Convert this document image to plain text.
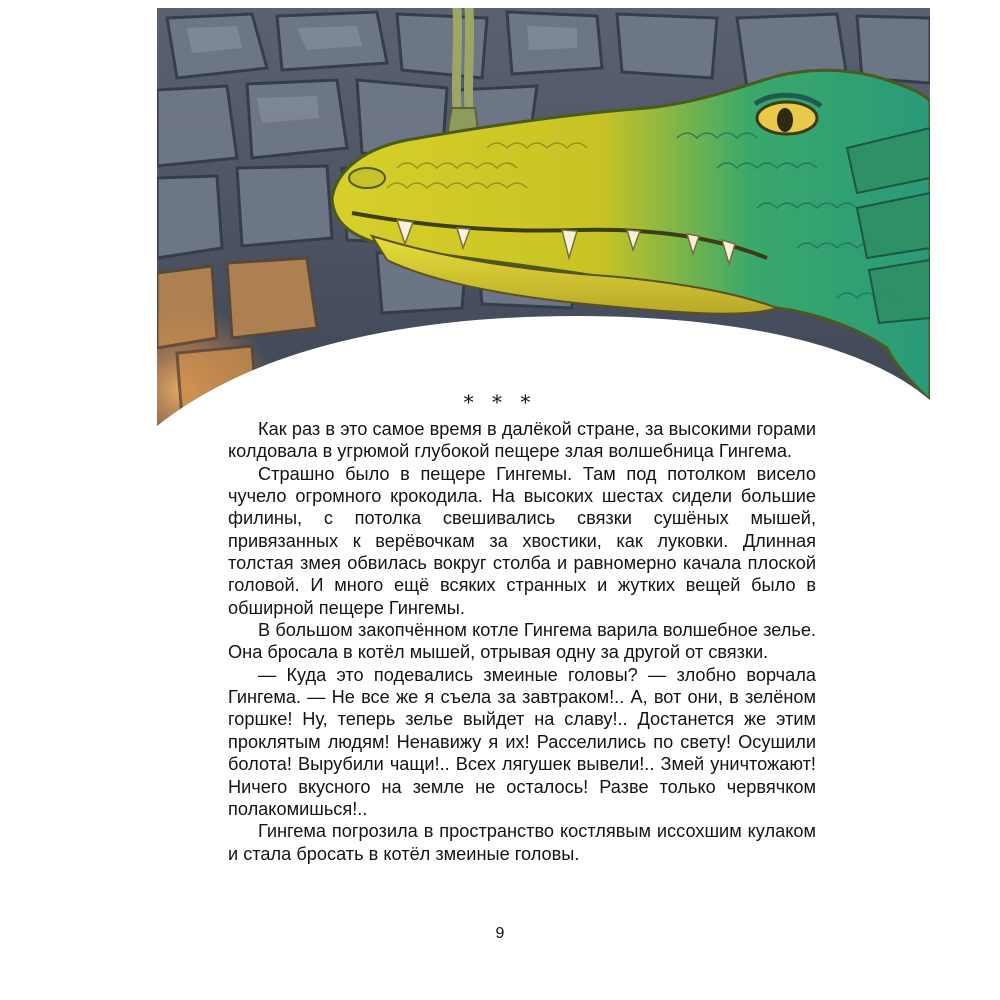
* * *

Как раз в это самое время в далёкой стране, за высокими горами колдовала в угрюмой глубокой пещере злая волшебница Гингема.

Страшно было в пещере Гингемы. Там под потолком висело чучело огромного крокодила. На высоких шестах сидели большие филины, с потолка свешивались связки сушёных мышей, привязанных к верёвочкам за хвостики, как луковки. Длинная толстая змея обвилась вокруг столба и равномерно качала плоской головой. И много ещё всяких странных и жутких вещей было в обширной пещере Гингемы.

В большом закопчённом котле Гингема варила волшебное зелье. Она бросала в котёл мышей, отрывая одну за другой от связки.

— Куда это подевались змеиные головы? — злобно ворчала Гингема. — Не все же я съела за завтраком!.. А, вот они, в зелёном горшке! Ну, теперь зелье выйдет на славу!.. Достанется же этим проклятым людям! Ненавижу я их! Расселились по свету! Осушили болота! Вырубили чащи!.. Всех лягушек вывели!.. Змей уничтожают! Ничего вкусного на земле не осталось! Разве только червячком полакомишься!..

Гингема погрозила в пространство костлявым иссохшим кулаком и стала бросать в котёл змеиные головы.

9
